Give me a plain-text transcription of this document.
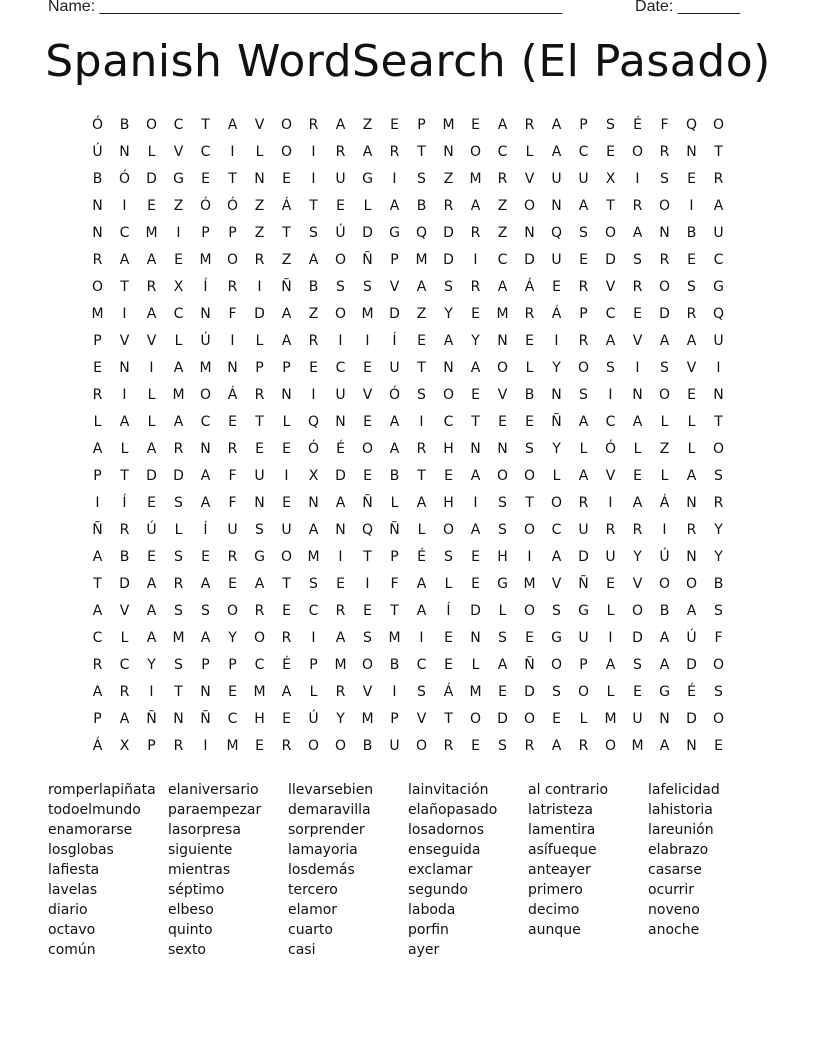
Name: ____________________________________________________	Date: _______
Spanish WordSearch (El Pasado)
Ó	B	O	C	T	A	V	O	R	A	Z	E	P	M	E	A	R	A	P	S	É	F	Q	O
Ú	N	L	V	C	I	L	O	I	R	A	R	T	N	O	C	L	A	C	E	O	R	N	T
B	Ó	D	G	E	T	N	E	I	U	G	I	S	Z	M	R	V	U	U	X	I	S	E	R
N	I	E	Z	Ó	Ó	Z	Á	T	E	L	A	B	R	A	Z	O	N	A	T	R	O	I	A
N	C	M	I	P	P	Z	T	S	Ú	D	G	Q	D	R	Z	N	Q	S	O	A	N	B	U
R	A	A	E	M	O	R	Z	A	O	Ñ	P	M	D	I	C	D	U	E	D	S	R	E	C
O	T	R	X	Í	R	I	Ñ	B	S	S	V	A	S	R	A	Á	E	R	V	R	O	S	G
M	I	A	C	N	F	D	A	Z	O	M	D	Z	Y	E	M	R	Á	P	C	E	D	R	Q
P	V	V	L	Ú	I	L	A	R	I	I	Í	E	A	Y	N	E	I	R	A	V	A	A	U
E	N	I	A	M	N	P	P	E	C	E	U	T	N	A	O	L	Y	O	S	I	S	V	I
R	I	L	M	O	Á	R	N	I	U	V	Ó	S	O	E	V	B	N	S	I	N	O	E	N
L	A	L	A	C	E	T	L	Q	N	E	A	I	C	T	E	E	Ñ	A	C	A	L	L	T
A	L	A	R	N	R	E	E	Ó	É	O	A	R	H	N	N	S	Y	L	Ó	L	Z	L	O
P	T	D	D	A	F	U	I	X	D	E	B	T	E	A	O	O	L	A	V	E	L	A	S
I	Í	E	S	A	F	N	E	N	A	Ñ	L	A	H	I	S	T	O	R	I	A	Á	N	R
Ñ	R	Ú	L	Í	U	S	U	A	N	Q	Ñ	L	O	A	S	O	C	U	R	R	I	R	Y
A	B	E	S	E	R	G	O	M	I	T	P	É	S	E	H	I	A	D	U	Y	Ú	N	Y
T	D	A	R	A	E	A	T	S	E	I	F	A	L	E	G	M	V	Ñ	E	V	O	O	B
A	V	A	S	S	O	R	E	C	R	E	T	A	Í	D	L	O	S	G	L	O	B	A	S
C	L	A	M	A	Y	O	R	I	A	S	M	I	E	N	S	E	G	U	I	D	A	Ú	F
R	C	Y	S	P	P	C	É	P	M	O	B	C	E	L	A	Ñ	O	P	A	S	A	D	O
A	R	I	T	N	E	M	A	L	R	V	I	S	Á	M	E	D	S	O	L	E	G	É	S
P	A	Ñ	N	Ñ	C	H	E	Ú	Y	M	P	V	T	O	D	O	E	L	M	U	N	D	O
Á	X	P	R	I	M	E	R	O	O	B	U	O	R	E	S	R	A	R	O	M	A	N	E
romperlapiñata
todoelmundo
enamorarse
losglobas
lafiesta
lavelas
diario
octavo
común
elaniversario
paraempezar
lasorpresa
siguiente
mientras
séptimo
elbeso
quinto
sexto
llevarsebien
demaravilla
sorprender
lamayoria
losdemás
tercero
elamor
cuarto
casi
lainvitación
elañopasado
losadornos
enseguida
exclamar
segundo
laboda
porfin
ayer
al contrario
latristeza
lamentira
asífueque
anteayer
primero
decimo
aunque
lafelicidad
lahistoria
lareunión
elabrazo
casarse
ocurrir
noveno
anoche
